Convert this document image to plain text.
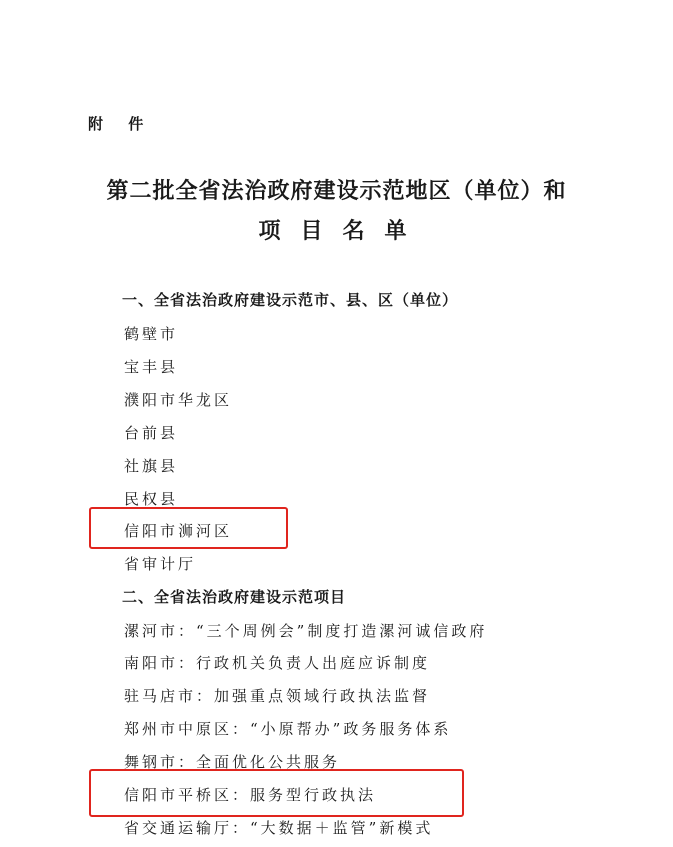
附 件
第二批全省法治政府建设示范地区（单位）和
项目名单
一、全省法治政府建设示范市、县、区（单位）
鹤壁市
宝丰县
濮阳市华龙区
台前县
社旗县
民权县
信阳市浉河区
省审计厅
二、全省法治政府建设示范项目
漯河市：“三个周例会”制度打造漯河诚信政府
南阳市：行政机关负责人出庭应诉制度
驻马店市：加强重点领域行政执法监督
郑州市中原区：“小原帮办”政务服务体系
舞钢市：全面优化公共服务
信阳市平桥区：服务型行政执法
省交通运输厅：“大数据＋监管”新模式
